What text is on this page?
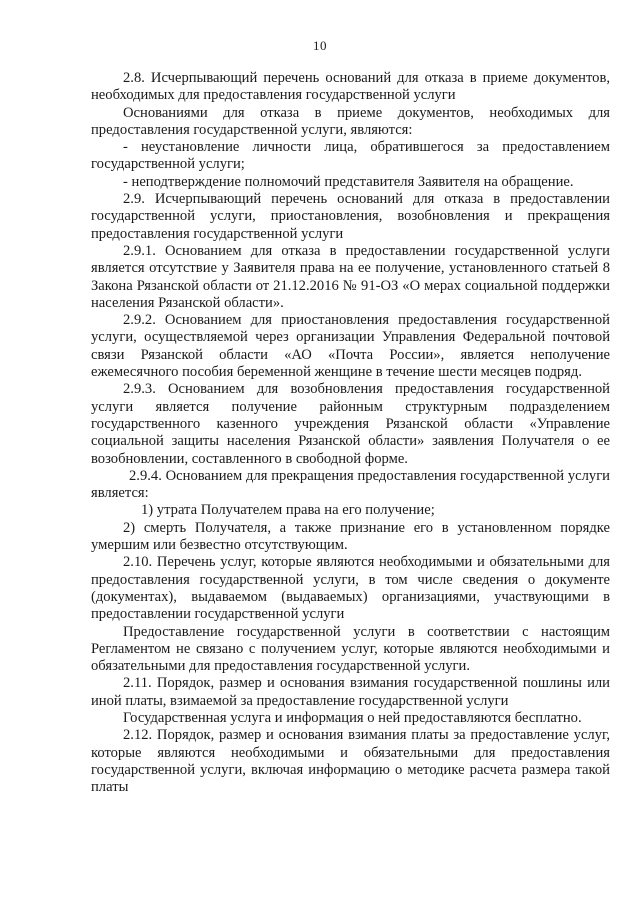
10

2.8. Исчерпывающий перечень оснований для отказа в приеме документов, необходимых для предоставления государственной услуги

Основаниями для отказа в приеме документов, необходимых для предоставления государственной услуги, являются:

- неустановление личности лица, обратившегося за предоставлением государственной услуги;

- неподтверждение полномочий представителя Заявителя на обращение.

2.9. Исчерпывающий перечень оснований для отказа в предоставлении государственной услуги, приостановления, возобновления и прекращения предоставления государственной услуги

2.9.1. Основанием для отказа в предоставлении государственной услуги является отсутствие у Заявителя права на ее получение, установленного статьей 8 Закона Рязанской области от 21.12.2016 № 91-ОЗ «О мерах социальной поддержки населения Рязанской области».

2.9.2. Основанием для приостановления предоставления государственной услуги, осуществляемой через организации Управления Федеральной почтовой связи Рязанской области «АО «Почта России», является неполучение ежемесячного пособия беременной женщине в течение шести месяцев подряд.

2.9.3. Основанием для возобновления предоставления государственной услуги является получение районным структурным подразделением государственного казенного учреждения Рязанской области «Управление социальной защиты населения Рязанской области» заявления Получателя о ее возобновлении, составленного в свободной форме.

2.9.4. Основанием для прекращения предоставления государственной услуги является:

1) утрата Получателем права на его получение;

2) смерть Получателя, а также признание его в установленном порядке умершим или безвестно отсутствующим.

2.10. Перечень услуг, которые являются необходимыми и обязательными для предоставления государственной услуги, в том числе сведения о документе (документах), выдаваемом (выдаваемых) организациями, участвующими в предоставлении государственной услуги

Предоставление государственной услуги в соответствии с настоящим Регламентом не связано с получением услуг, которые являются необходимыми и обязательными для предоставления государственной услуги.

2.11. Порядок, размер и основания взимания государственной пошлины или иной платы, взимаемой за предоставление государственной услуги

Государственная услуга и информация о ней предоставляются бесплатно.

2.12. Порядок, размер и основания взимания платы за предоставление услуг, которые являются необходимыми и обязательными для предоставления государственной услуги, включая информацию о методике расчета размера такой платы
